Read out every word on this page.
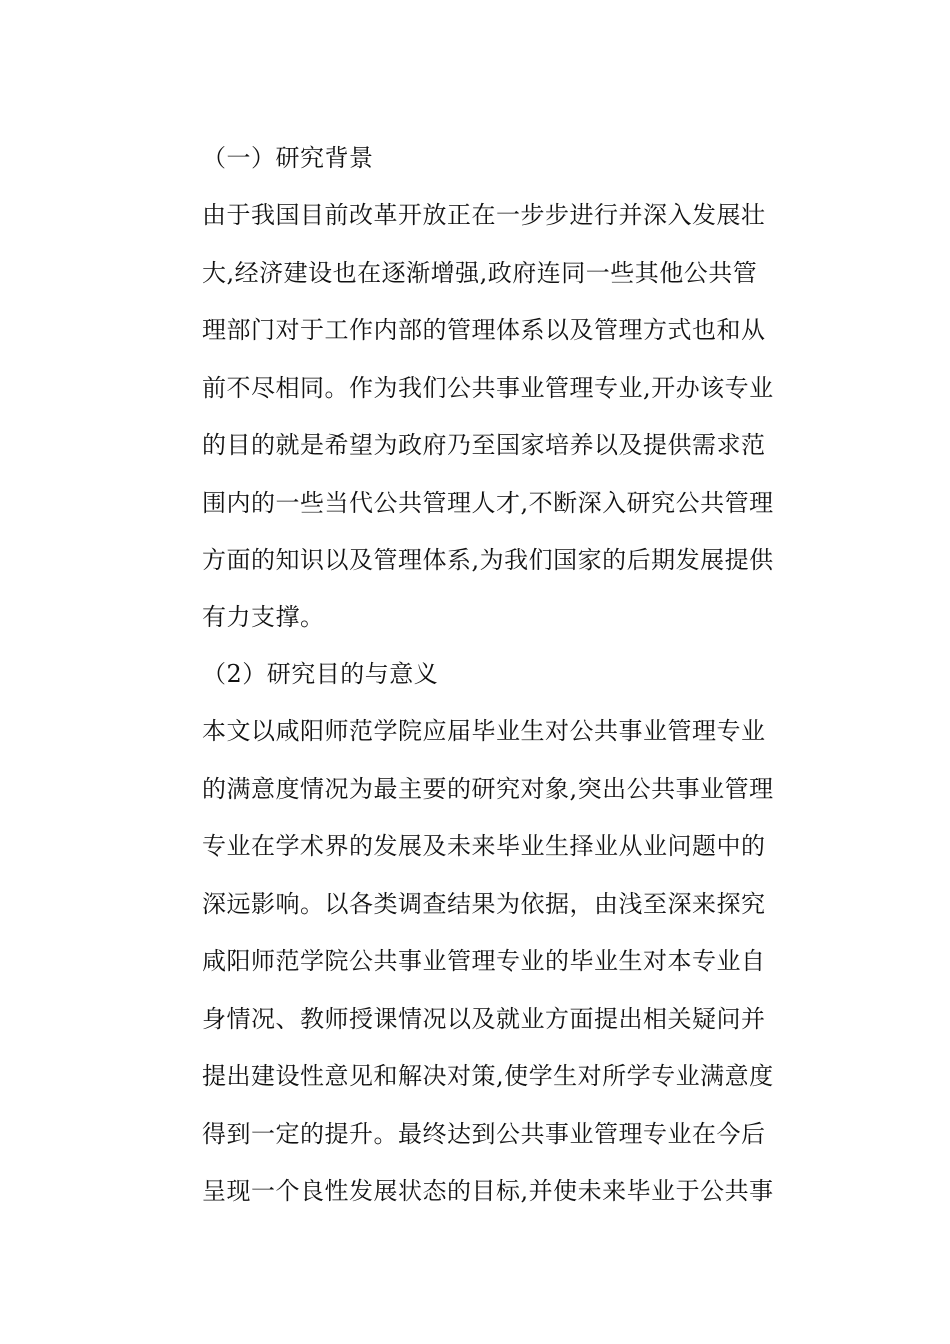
（一）研究背景
由于我国目前改革开放正在一步步进行并深入发展壮
大,经济建设也在逐渐增强,政府连同一些其他公共管
理部门对于工作内部的管理体系以及管理方式也和从
前不尽相同。作为我们公共事业管理专业,开办该专业
的目的就是希望为政府乃至国家培养以及提供需求范
围内的一些当代公共管理人才,不断深入研究公共管理
方面的知识以及管理体系,为我们国家的后期发展提供
有力支撑。
（2）研究目的与意义
本文以咸阳师范学院应届毕业生对公共事业管理专业
的满意度情况为最主要的研究对象,突出公共事业管理
专业在学术界的发展及未来毕业生择业从业问题中的
深远影响。以各类调查结果为依据，由浅至深来探究
咸阳师范学院公共事业管理专业的毕业生对本专业自
身情况、教师授课情况以及就业方面提出相关疑问并
提出建设性意见和解决对策,使学生对所学专业满意度
得到一定的提升。最终达到公共事业管理专业在今后
呈现一个良性发展状态的目标,并使未来毕业于公共事
